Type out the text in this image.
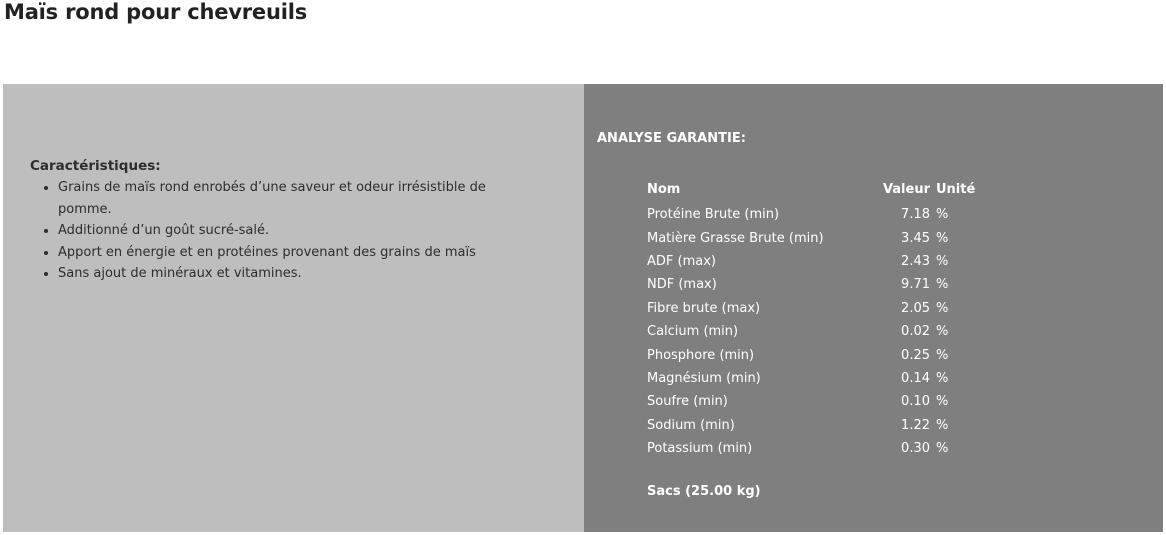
Maïs rond pour chevreuils
Caractéristiques:
• Grains de maïs rond enrobés d’une saveur et odeur irrésistible de pomme.
• Additionné d’un goût sucré-salé.
• Apport en énergie et en protéines provenant des grains de maïs
• Sans ajout de minéraux et vitamines.
ANALYSE GARANTIE:
Nom	Valeur	Unité
Protéine Brute (min)	7.18	%
Matière Grasse Brute (min)	3.45	%
ADF (max)	2.43	%
NDF (max)	9.71	%
Fibre brute (max)	2.05	%
Calcium (min)	0.02	%
Phosphore (min)	0.25	%
Magnésium (min)	0.14	%
Soufre (min)	0.10	%
Sodium (min)	1.22	%
Potassium (min)	0.30	%
Sacs (25.00 kg)
